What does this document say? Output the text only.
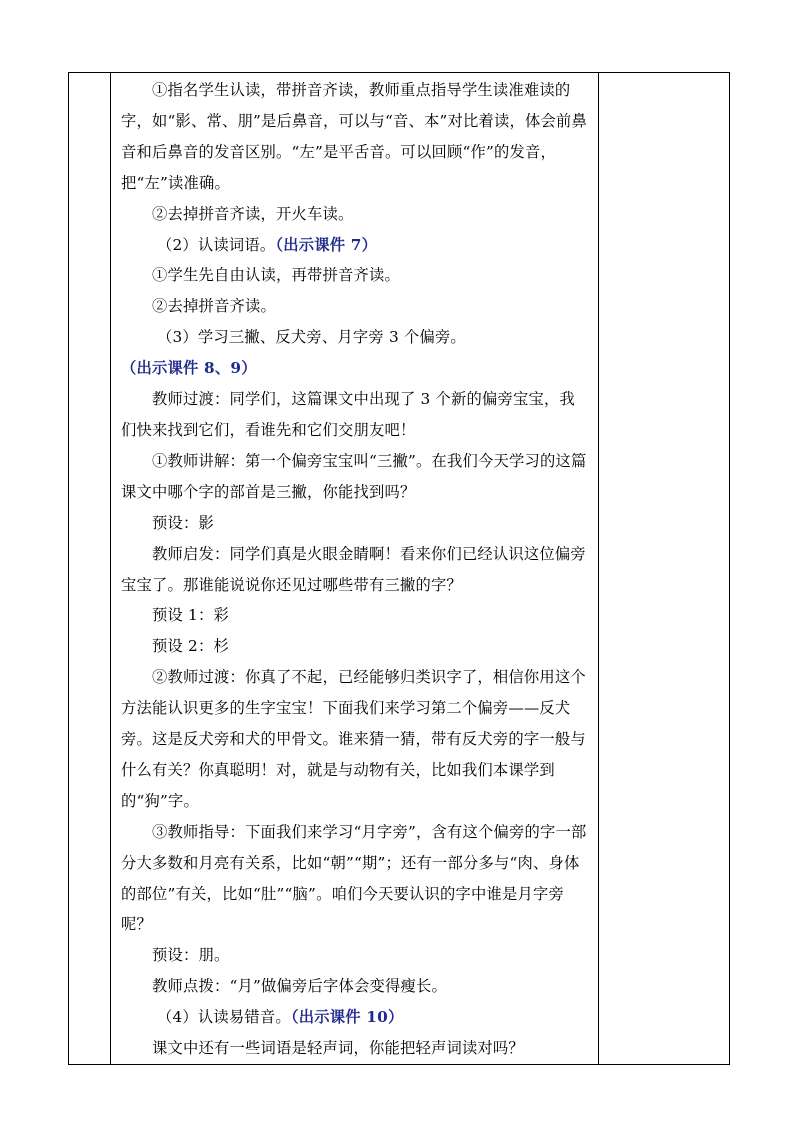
①指名学生认读，带拼音齐读，教师重点指导学生读准难读的字，如“影、常、朋”是后鼻音，可以与“音、本”对比着读，体会前鼻音和后鼻音的发音区别。“左”是平舌音。可以回顾“作”的发音，把“左”读准确。

②去掉拼音齐读，开火车读。

（2）认读词语。（出示课件 7）

①学生先自由认读，再带拼音齐读。

②去掉拼音齐读。

（3）学习三撇、反犬旁、月字旁 3 个偏旁。（出示课件 8、9）

教师过渡：同学们，这篇课文中出现了 3 个新的偏旁宝宝，我们快来找到它们，看谁先和它们交朋友吧！

①教师讲解：第一个偏旁宝宝叫“三撇”。在我们今天学习的这篇课文中哪个字的部首是三撇，你能找到吗？

预设：影

教师启发：同学们真是火眼金睛啊！看来你们已经认识这位偏旁宝宝了。那谁能说说你还见过哪些带有三撇的字？

预设 1：彩

预设 2：杉

②教师过渡：你真了不起，已经能够归类识字了，相信你用这个方法能认识更多的生字宝宝！下面我们来学习第二个偏旁——反犬旁。这是反犬旁和犬的甲骨文。谁来猜一猜，带有反犬旁的字一般与什么有关？你真聪明！对，就是与动物有关，比如我们本课学到的“狗”字。

③教师指导：下面我们来学习“月字旁”，含有这个偏旁的字一部分大多数和月亮有关系，比如“朝”“期”；还有一部分多与“肉、身体的部位”有关，比如“肚”“脑”。咱们今天要认识的字中谁是月字旁呢？

预设：朋。

教师点拨：“月”做偏旁后字体会变得瘦长。

（4）认读易错音。（出示课件 10）

课文中还有一些词语是轻声词，你能把轻声词读对吗？
